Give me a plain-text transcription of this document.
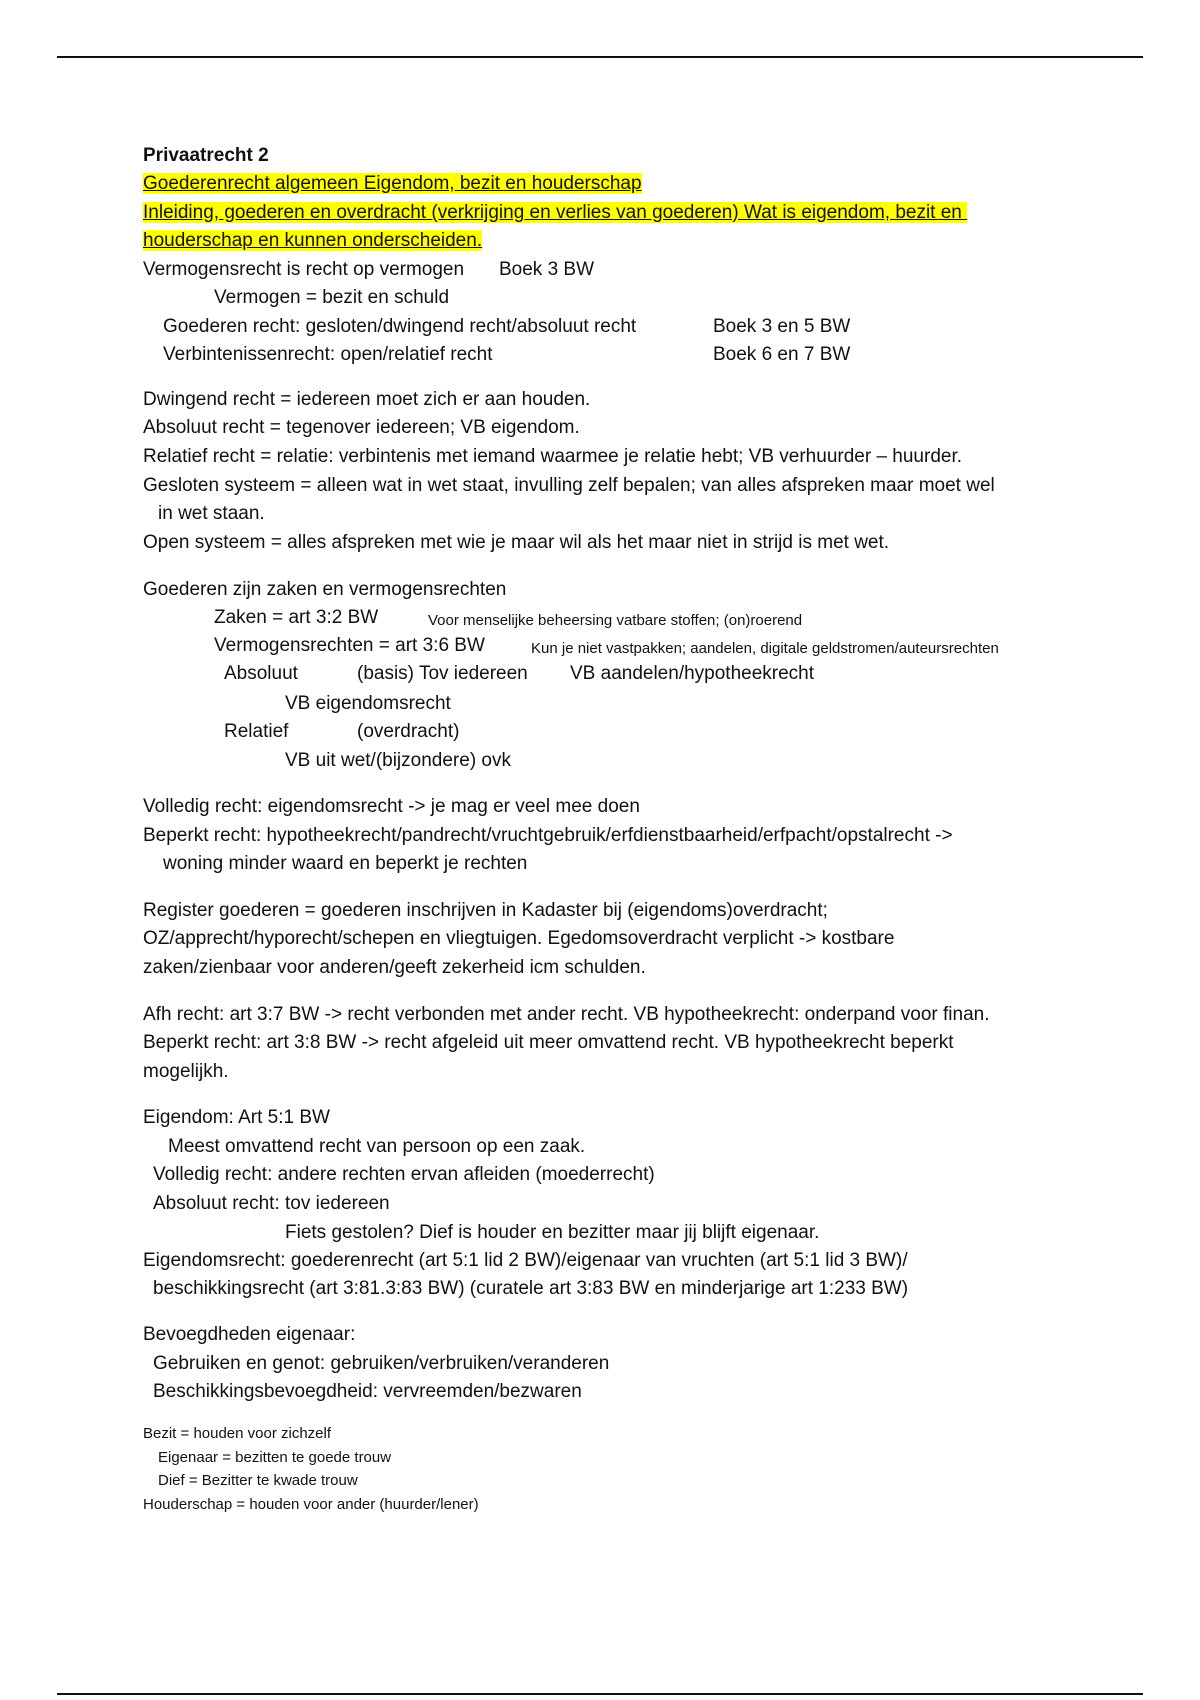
Privaatrecht 2
Goederenrecht algemeen Eigendom, bezit en houderschap
Inleiding, goederen en overdracht (verkrijging en verlies van goederen) Wat is eigendom, bezit en
houderschap en kunnen onderscheiden.
Vermogensrecht is recht op vermogen Boek 3 BW
Vermogen = bezit en schuld
Goederen recht: gesloten/dwingend recht/absoluut recht	Boek 3 en 5 BW
Verbintenissenrecht: open/relatief recht	Boek 6 en 7 BW
Dwingend recht = iedereen moet zich er aan houden.
Absoluut recht = tegenover iedereen; VB eigendom.
Relatief recht = relatie: verbintenis met iemand waarmee je relatie hebt; VB verhuurder – huurder.
Gesloten systeem = alleen wat in wet staat, invulling zelf bepalen; van alles afspreken maar moet wel
in wet staan.
Open systeem = alles afspreken met wie je maar wil als het maar niet in strijd is met wet.
Goederen zijn zaken en vermogensrechten
Zaken = art 3:2 BW	Voor menselijke beheersing vatbare stoffen; (on)roerend
Vermogensrechten = art 3:6 BW	Kun je niet vastpakken; aandelen, digitale geldstromen/auteursrechten
Absoluut	(basis) Tov iedereen VB aandelen/hypotheekrecht
VB eigendomsrecht
Relatief	(overdracht)
VB uit wet/(bijzondere) ovk
Volledig recht: eigendomsrecht -> je mag er veel mee doen
Beperkt recht: hypotheekrecht/pandrecht/vruchtgebruik/erfdienstbaarheid/erfpacht/opstalrecht ->
woning minder waard en beperkt je rechten
Register goederen = goederen inschrijven in Kadaster bij (eigendoms)overdracht;
OZ/apprecht/hyporecht/schepen en vliegtuigen. Egedomsoverdracht verplicht -> kostbare
zaken/zienbaar voor anderen/geeft zekerheid icm schulden.
Afh recht: art 3:7 BW -> recht verbonden met ander recht. VB hypotheekrecht: onderpand voor finan.
Beperkt recht: art 3:8 BW -> recht afgeleid uit meer omvattend recht. VB hypotheekrecht beperkt
mogelijkh.
Eigendom: Art 5:1 BW
Meest omvattend recht van persoon op een zaak.
Volledig recht: andere rechten ervan afleiden (moederrecht)
Absoluut recht: tov iedereen
Fiets gestolen? Dief is houder en bezitter maar jij blijft eigenaar.
Eigendomsrecht: goederenrecht (art 5:1 lid 2 BW)/eigenaar van vruchten (art 5:1 lid 3 BW)/
beschikkingsrecht (art 3:81.3:83 BW) (curatele art 3:83 BW en minderjarige art 1:233 BW)
Bevoegdheden eigenaar:
Gebruiken en genot: gebruiken/verbruiken/veranderen
Beschikkingsbevoegdheid: vervreemden/bezwaren
Bezit = houden voor zichzelf
Eigenaar = bezitten te goede trouw
Dief = Bezitter te kwade trouw
Houderschap = houden voor ander (huurder/lener)
